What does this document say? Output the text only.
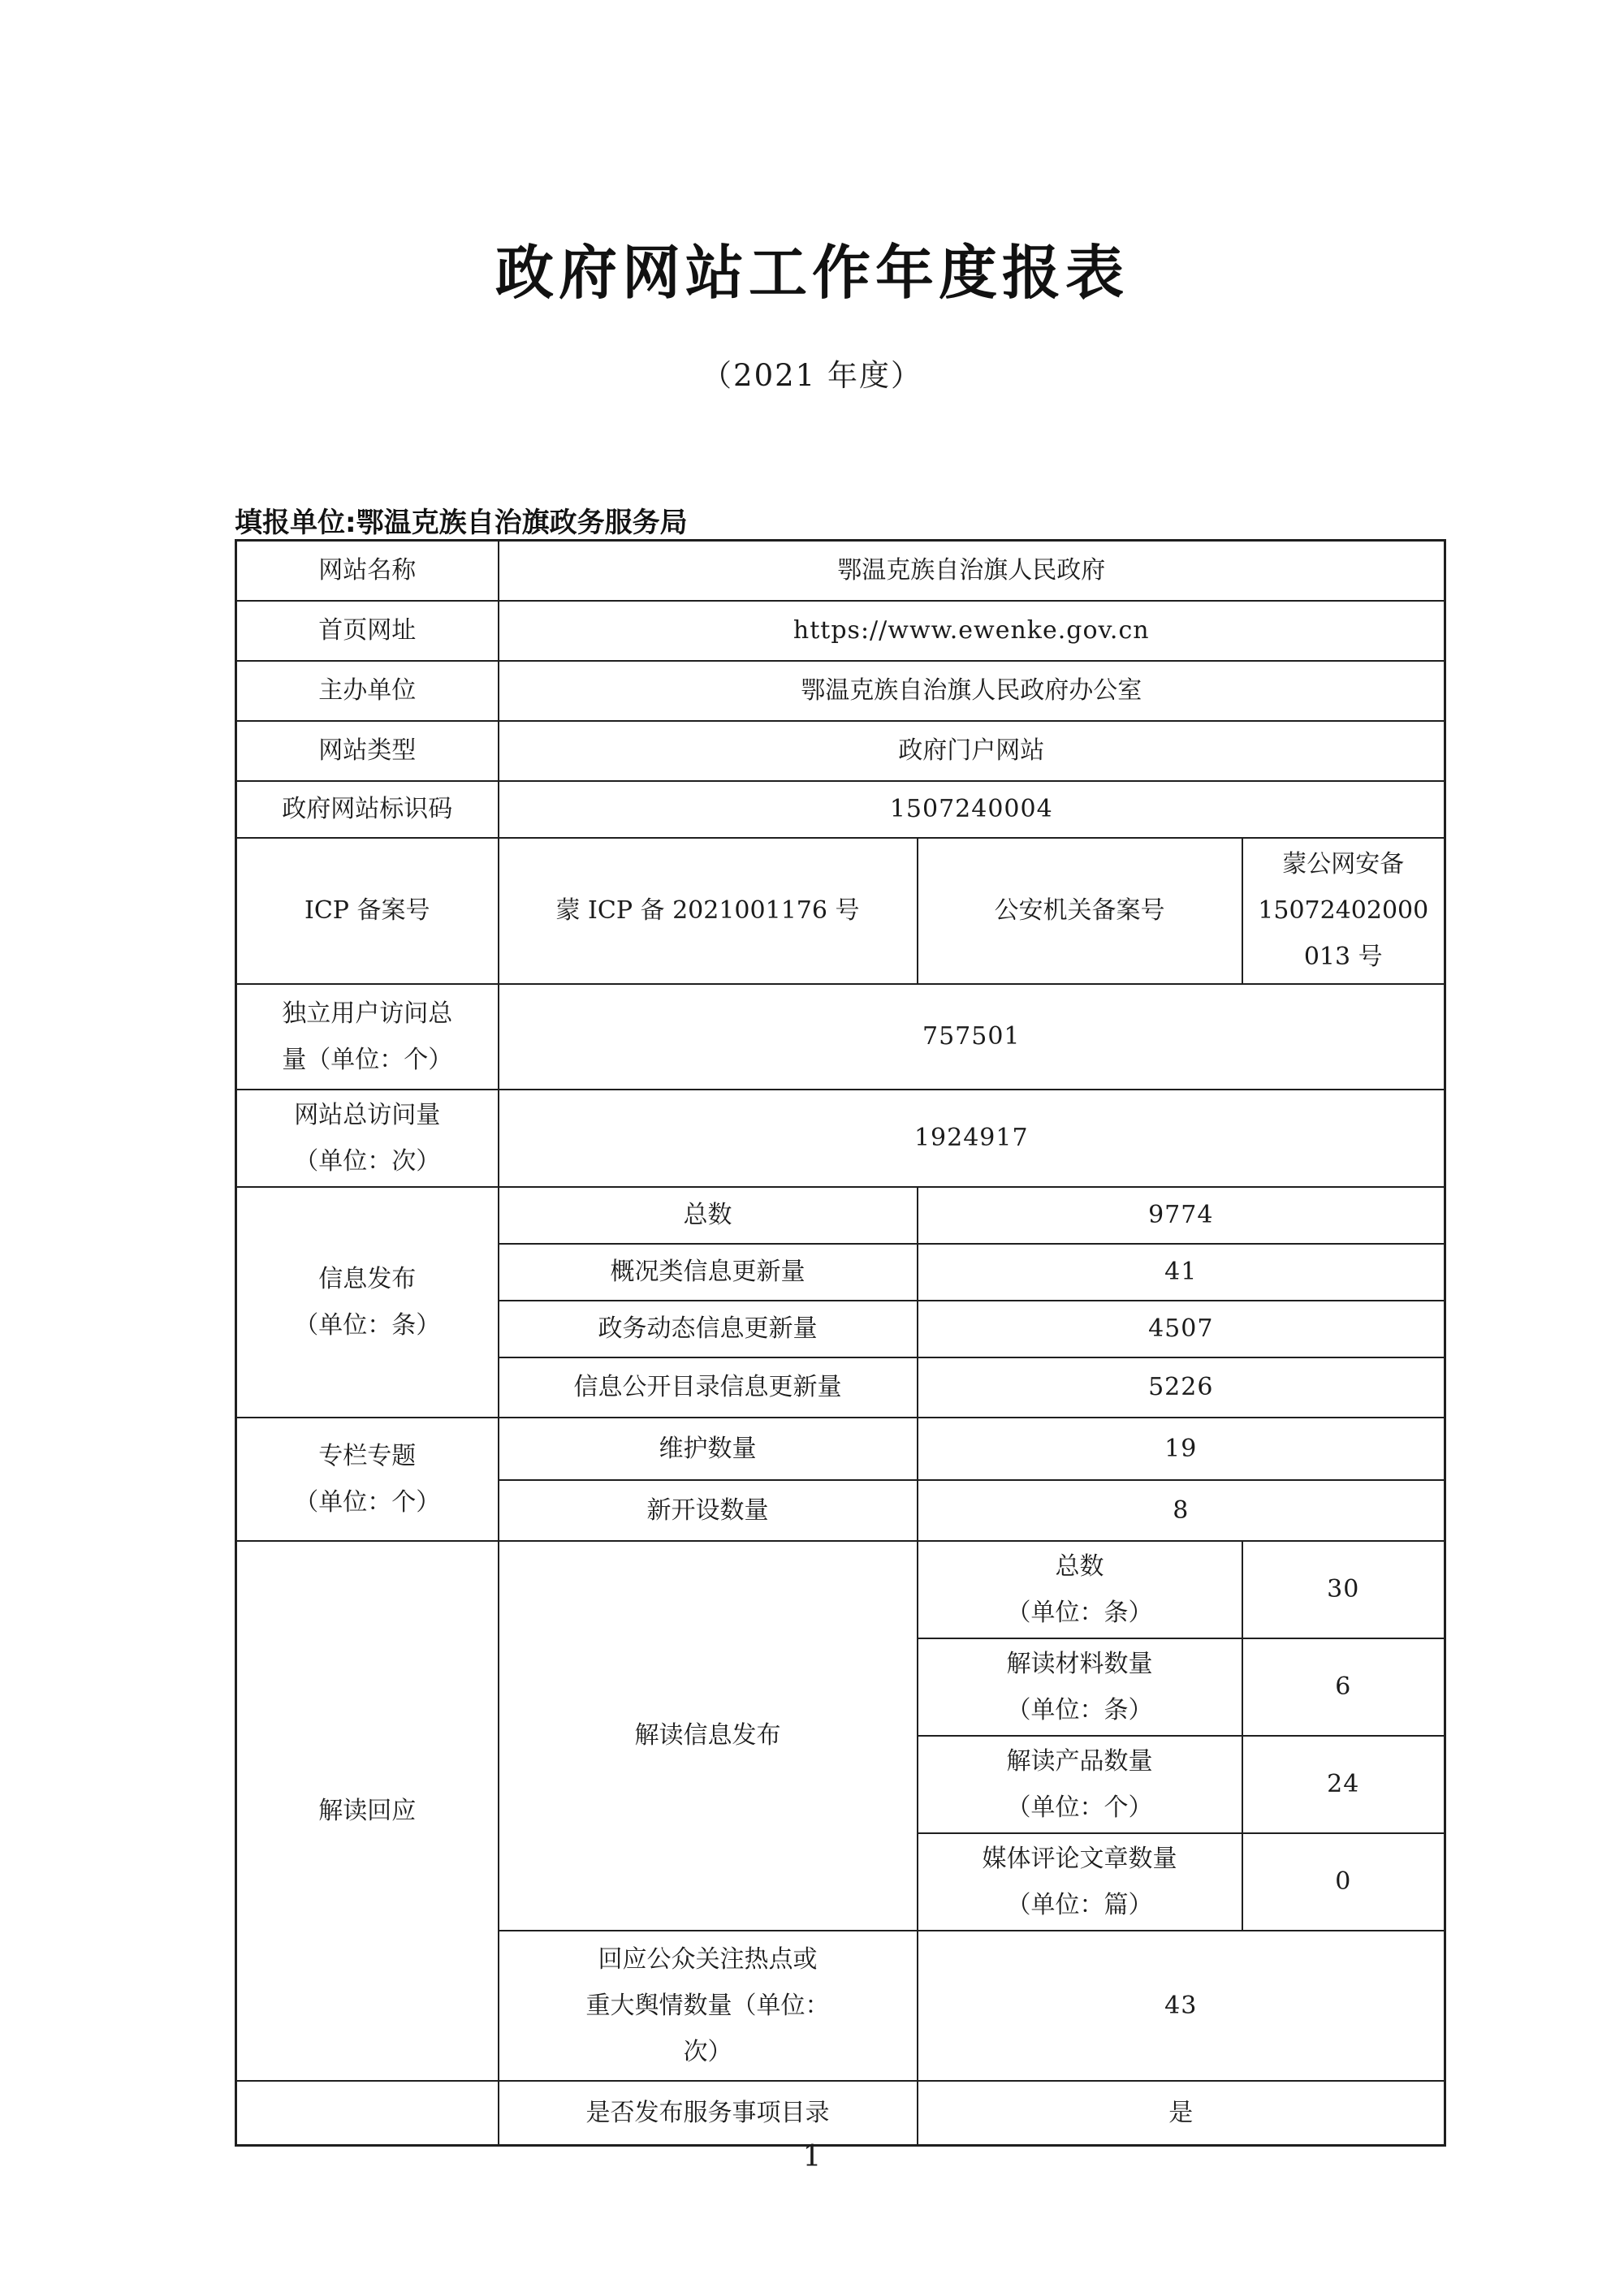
政府网站工作年度报表
（2021 年度）
填报单位:鄂温克族自治旗政务服务局
网站名称	鄂温克族自治旗人民政府		
首页网址	https://www.ewenke.gov.cn		
主办单位	鄂温克族自治旗人民政府办公室		
网站类型	政府门户网站		
政府网站标识码	1507240004		
ICP 备案号	蒙 ICP 备 2021001176 号	公安机关备案号	蒙公网安备 15072402000 013 号

独立用户访问总
量（单位：个）	757501		

网站总访问量
（单位：次）	1924917		

信息发布
（单位：条）	总数	9774	
	概况类信息更新量	41	
	政务动态信息更新量	4507	
	信息公开目录信息更新量	5226	

专栏专题
（单位：个）	维护数量	19	
	新开设数量	8	
解读回应	解读信息发布	总数
（单位：条）	30

		解读材料数量
（单位：条）	6

		解读产品数量
（单位：个）	24

		媒体评论文章数量
（单位：篇）	0

	回应公众关注热点或
重大舆情数量（单位：
次）	43	
	是否发布服务事项目录	是	
1
